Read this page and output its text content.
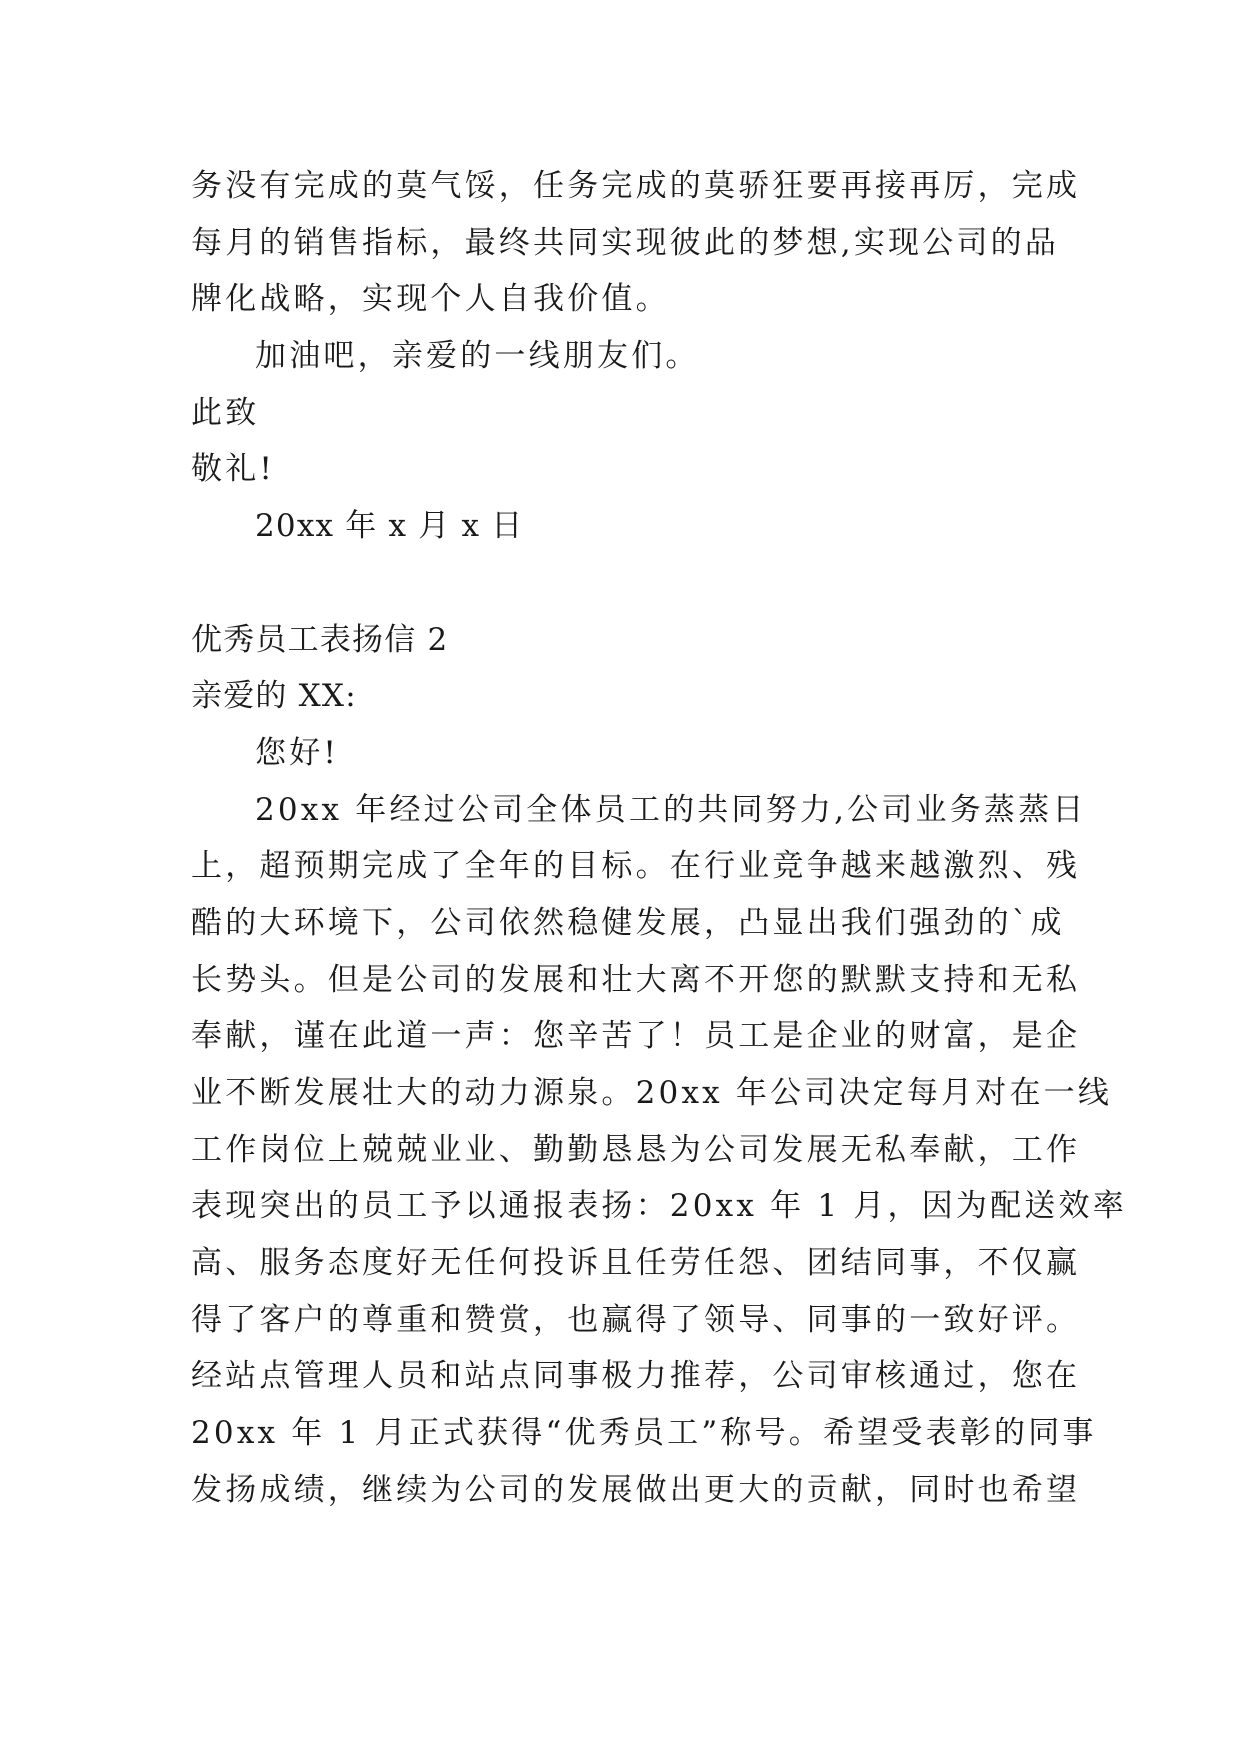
务没有完成的莫气馁，任务完成的莫骄狂要再接再厉，完成
每月的销售指标，最终共同实现彼此的梦想,实现公司的品
牌化战略，实现个人自我价值。
加油吧，亲爱的一线朋友们。
此致
敬礼!
20xx 年 x 月 x 日
优秀员工表扬信 2
亲爱的 XX:
您好!
20xx 年经过公司全体员工的共同努力,公司业务蒸蒸日
上，超预期完成了全年的目标。在行业竞争越来越激烈、残
酷的大环境下，公司依然稳健发展，凸显出我们强劲的`成
长势头。但是公司的发展和壮大离不开您的默默支持和无私
奉献，谨在此道一声：您辛苦了！员工是企业的财富，是企
业不断发展壮大的动力源泉。20xx 年公司决定每月对在一线
工作岗位上兢兢业业、勤勤恳恳为公司发展无私奉献，工作
表现突出的员工予以通报表扬：20xx 年 1 月，因为配送效率
高、服务态度好无任何投诉且任劳任怨、团结同事，不仅赢
得了客户的尊重和赞赏，也赢得了领导、同事的一致好评。
经站点管理人员和站点同事极力推荐，公司审核通过，您在
20xx 年 1 月正式获得“优秀员工”称号。希望受表彰的同事
发扬成绩，继续为公司的发展做出更大的贡献，同时也希望
